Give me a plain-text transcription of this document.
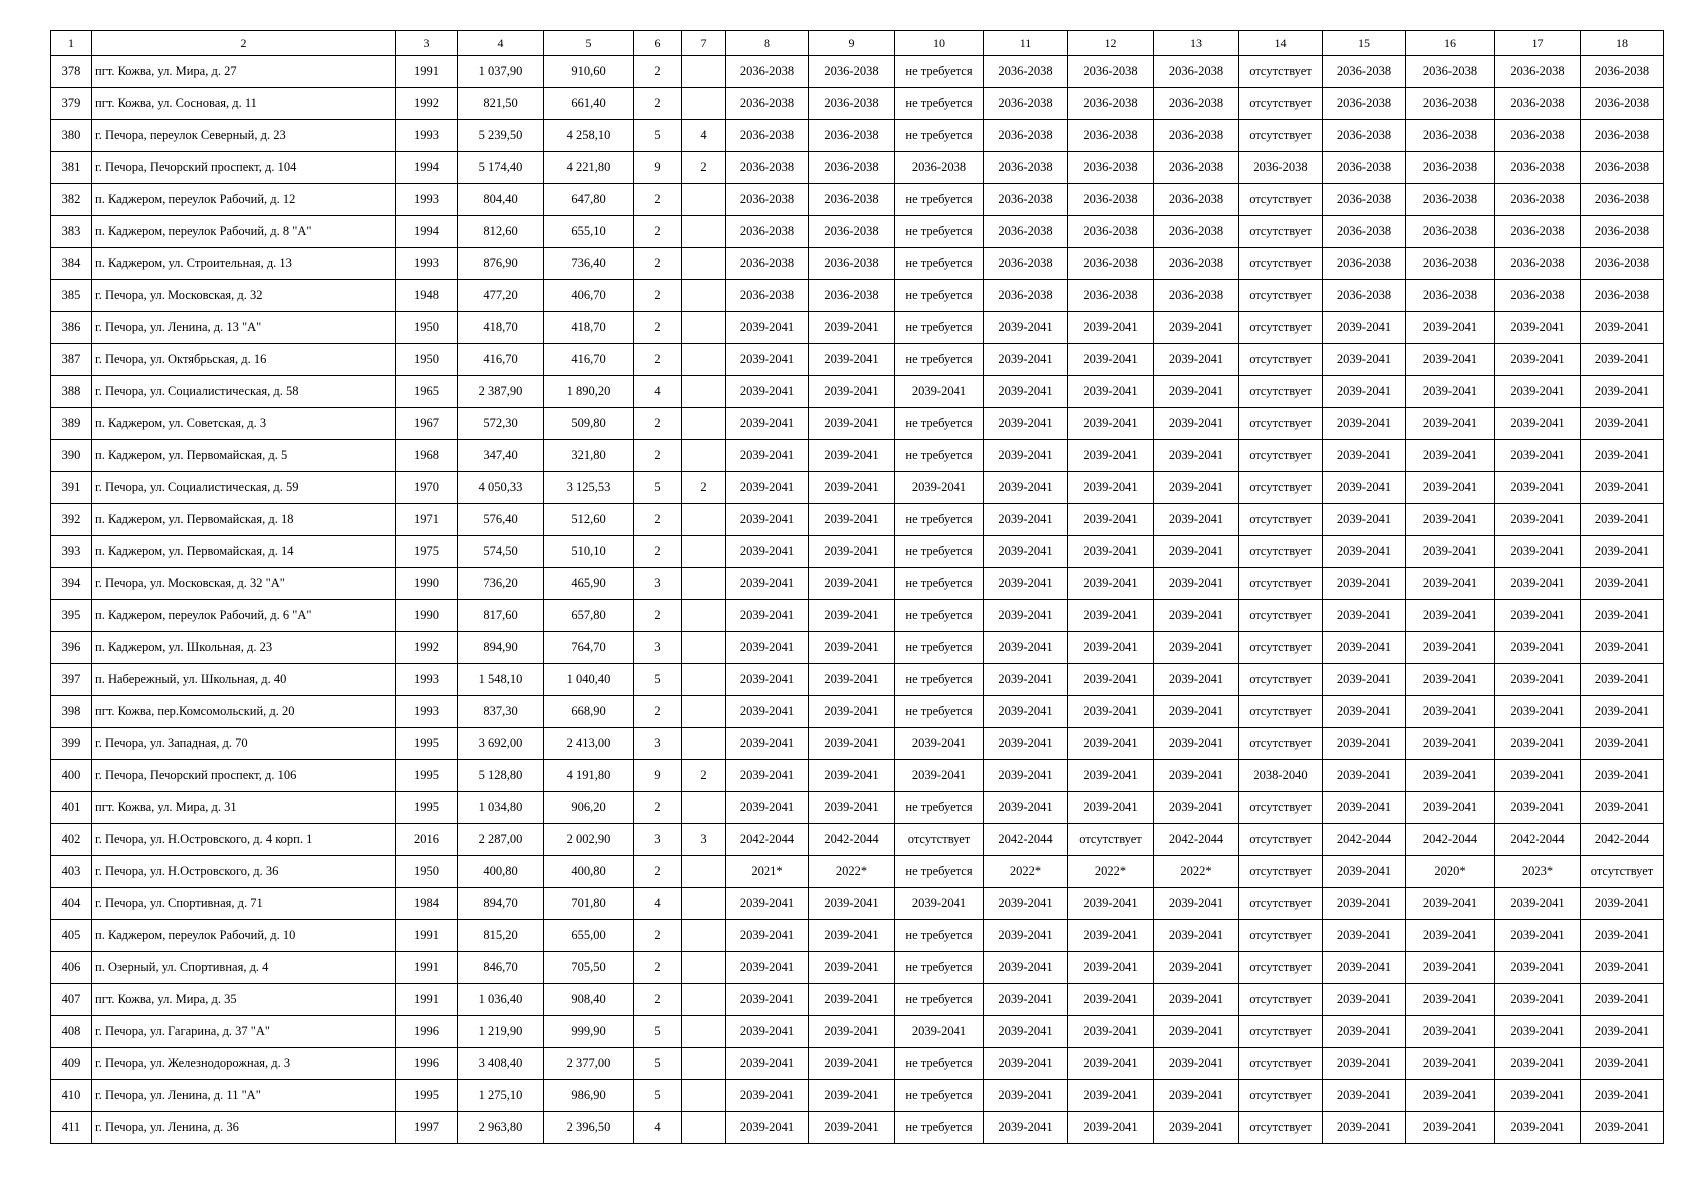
1	2	3	4	5	6	7	8	9	10	11	12	13	14	15	16	17	18
378	пгт. Кожва, ул. Мира, д. 27	1991	1 037,90	910,60	2		2036-2038	2036-2038	не требуется	2036-2038	2036-2038	2036-2038	отсутствует	2036-2038	2036-2038	2036-2038	2036-2038
379	пгт. Кожва, ул. Сосновая, д. 11	1992	821,50	661,40	2		2036-2038	2036-2038	не требуется	2036-2038	2036-2038	2036-2038	отсутствует	2036-2038	2036-2038	2036-2038	2036-2038
380	г. Печора, переулок Северный, д. 23	1993	5 239,50	4 258,10	5	4	2036-2038	2036-2038	не требуется	2036-2038	2036-2038	2036-2038	отсутствует	2036-2038	2036-2038	2036-2038	2036-2038
381	г. Печора, Печорский проспект, д. 104	1994	5 174,40	4 221,80	9	2	2036-2038	2036-2038	2036-2038	2036-2038	2036-2038	2036-2038	2036-2038	2036-2038	2036-2038	2036-2038	2036-2038
382	п. Каджером, переулок Рабочий, д. 12	1993	804,40	647,80	2		2036-2038	2036-2038	не требуется	2036-2038	2036-2038	2036-2038	отсутствует	2036-2038	2036-2038	2036-2038	2036-2038
383	п. Каджером, переулок Рабочий, д. 8 "А"	1994	812,60	655,10	2		2036-2038	2036-2038	не требуется	2036-2038	2036-2038	2036-2038	отсутствует	2036-2038	2036-2038	2036-2038	2036-2038
384	п. Каджером, ул. Строительная, д. 13	1993	876,90	736,40	2		2036-2038	2036-2038	не требуется	2036-2038	2036-2038	2036-2038	отсутствует	2036-2038	2036-2038	2036-2038	2036-2038
385	г. Печора, ул. Московская, д. 32	1948	477,20	406,70	2		2036-2038	2036-2038	не требуется	2036-2038	2036-2038	2036-2038	отсутствует	2036-2038	2036-2038	2036-2038	2036-2038
386	г. Печора, ул. Ленина, д. 13 "А"	1950	418,70	418,70	2		2039-2041	2039-2041	не требуется	2039-2041	2039-2041	2039-2041	отсутствует	2039-2041	2039-2041	2039-2041	2039-2041
387	г. Печора, ул. Октябрьская, д. 16	1950	416,70	416,70	2		2039-2041	2039-2041	не требуется	2039-2041	2039-2041	2039-2041	отсутствует	2039-2041	2039-2041	2039-2041	2039-2041
388	г. Печора, ул. Социалистическая, д. 58	1965	2 387,90	1 890,20	4		2039-2041	2039-2041	2039-2041	2039-2041	2039-2041	2039-2041	отсутствует	2039-2041	2039-2041	2039-2041	2039-2041
389	п. Каджером, ул. Советская, д. 3	1967	572,30	509,80	2		2039-2041	2039-2041	не требуется	2039-2041	2039-2041	2039-2041	отсутствует	2039-2041	2039-2041	2039-2041	2039-2041
390	п. Каджером, ул. Первомайская, д. 5	1968	347,40	321,80	2		2039-2041	2039-2041	не требуется	2039-2041	2039-2041	2039-2041	отсутствует	2039-2041	2039-2041	2039-2041	2039-2041
391	г. Печора, ул. Социалистическая, д. 59	1970	4 050,33	3 125,53	5	2	2039-2041	2039-2041	2039-2041	2039-2041	2039-2041	2039-2041	отсутствует	2039-2041	2039-2041	2039-2041	2039-2041
392	п. Каджером, ул. Первомайская, д. 18	1971	576,40	512,60	2		2039-2041	2039-2041	не требуется	2039-2041	2039-2041	2039-2041	отсутствует	2039-2041	2039-2041	2039-2041	2039-2041
393	п. Каджером, ул. Первомайская, д. 14	1975	574,50	510,10	2		2039-2041	2039-2041	не требуется	2039-2041	2039-2041	2039-2041	отсутствует	2039-2041	2039-2041	2039-2041	2039-2041
394	г. Печора, ул. Московская, д. 32 "А"	1990	736,20	465,90	3		2039-2041	2039-2041	не требуется	2039-2041	2039-2041	2039-2041	отсутствует	2039-2041	2039-2041	2039-2041	2039-2041
395	п. Каджером, переулок Рабочий, д. 6 "А"	1990	817,60	657,80	2		2039-2041	2039-2041	не требуется	2039-2041	2039-2041	2039-2041	отсутствует	2039-2041	2039-2041	2039-2041	2039-2041
396	п. Каджером, ул. Школьная, д. 23	1992	894,90	764,70	3		2039-2041	2039-2041	не требуется	2039-2041	2039-2041	2039-2041	отсутствует	2039-2041	2039-2041	2039-2041	2039-2041
397	п. Набережный, ул. Школьная, д. 40	1993	1 548,10	1 040,40	5		2039-2041	2039-2041	не требуется	2039-2041	2039-2041	2039-2041	отсутствует	2039-2041	2039-2041	2039-2041	2039-2041
398	пгт. Кожва, пер.Комсомольский, д. 20	1993	837,30	668,90	2		2039-2041	2039-2041	не требуется	2039-2041	2039-2041	2039-2041	отсутствует	2039-2041	2039-2041	2039-2041	2039-2041
399	г. Печора, ул. Западная, д. 70	1995	3 692,00	2 413,00	3		2039-2041	2039-2041	2039-2041	2039-2041	2039-2041	2039-2041	отсутствует	2039-2041	2039-2041	2039-2041	2039-2041
400	г. Печора, Печорский проспект, д. 106	1995	5 128,80	4 191,80	9	2	2039-2041	2039-2041	2039-2041	2039-2041	2039-2041	2039-2041	2038-2040	2039-2041	2039-2041	2039-2041	2039-2041
401	пгт. Кожва, ул. Мира, д. 31	1995	1 034,80	906,20	2		2039-2041	2039-2041	не требуется	2039-2041	2039-2041	2039-2041	отсутствует	2039-2041	2039-2041	2039-2041	2039-2041
402	г. Печора, ул. Н.Островского, д. 4 корп. 1	2016	2 287,00	2 002,90	3	3	2042-2044	2042-2044	отсутствует	2042-2044	отсутствует	2042-2044	отсутствует	2042-2044	2042-2044	2042-2044	2042-2044
403	г. Печора, ул. Н.Островского, д. 36	1950	400,80	400,80	2		2021*	2022*	не требуется	2022*	2022*	2022*	отсутствует	2039-2041	2020*	2023*	отсутствует
404	г. Печора, ул. Спортивная, д. 71	1984	894,70	701,80	4		2039-2041	2039-2041	2039-2041	2039-2041	2039-2041	2039-2041	отсутствует	2039-2041	2039-2041	2039-2041	2039-2041
405	п. Каджером, переулок Рабочий, д. 10	1991	815,20	655,00	2		2039-2041	2039-2041	не требуется	2039-2041	2039-2041	2039-2041	отсутствует	2039-2041	2039-2041	2039-2041	2039-2041
406	п. Озерный, ул. Спортивная, д. 4	1991	846,70	705,50	2		2039-2041	2039-2041	не требуется	2039-2041	2039-2041	2039-2041	отсутствует	2039-2041	2039-2041	2039-2041	2039-2041
407	пгт. Кожва, ул. Мира, д. 35	1991	1 036,40	908,40	2		2039-2041	2039-2041	не требуется	2039-2041	2039-2041	2039-2041	отсутствует	2039-2041	2039-2041	2039-2041	2039-2041
408	г. Печора, ул. Гагарина, д. 37 "А"	1996	1 219,90	999,90	5		2039-2041	2039-2041	2039-2041	2039-2041	2039-2041	2039-2041	отсутствует	2039-2041	2039-2041	2039-2041	2039-2041
409	г. Печора, ул. Железнодорожная, д. 3	1996	3 408,40	2 377,00	5		2039-2041	2039-2041	не требуется	2039-2041	2039-2041	2039-2041	отсутствует	2039-2041	2039-2041	2039-2041	2039-2041
410	г. Печора, ул. Ленина, д. 11 "А"	1995	1 275,10	986,90	5		2039-2041	2039-2041	не требуется	2039-2041	2039-2041	2039-2041	отсутствует	2039-2041	2039-2041	2039-2041	2039-2041
411	г. Печора, ул. Ленина, д. 36	1997	2 963,80	2 396,50	4		2039-2041	2039-2041	не требуется	2039-2041	2039-2041	2039-2041	отсутствует	2039-2041	2039-2041	2039-2041	2039-2041
